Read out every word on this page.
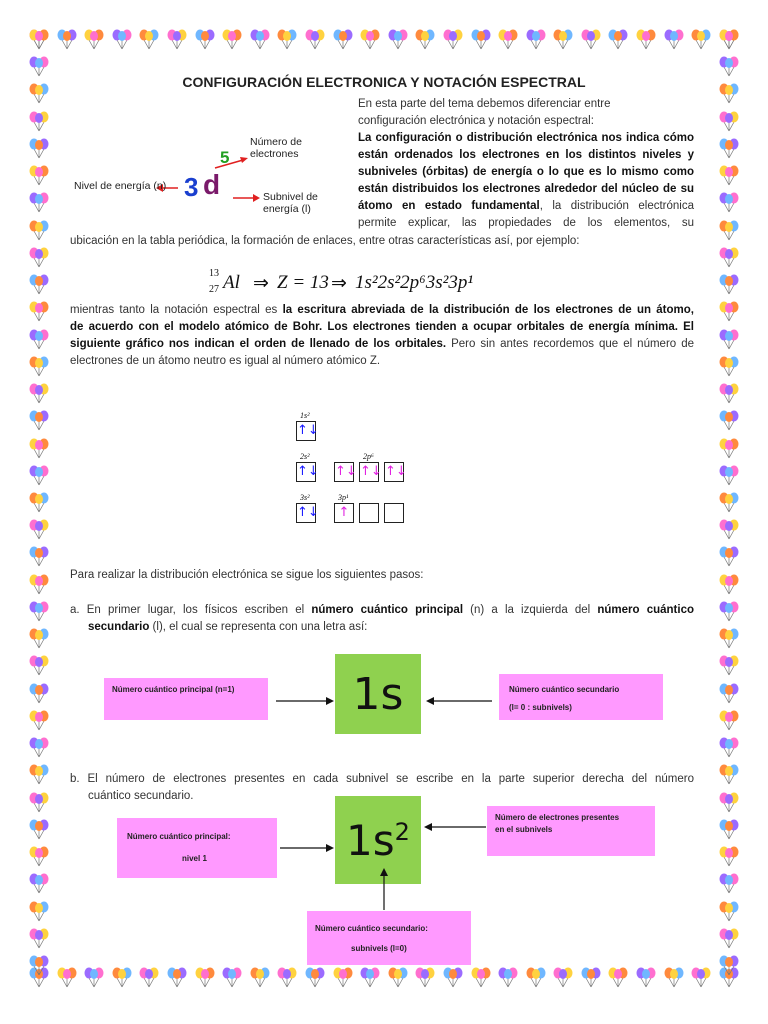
CONFIGURACIÓN ELECTRONICA Y NOTACIÓN ESPECTRAL
3 d
5
Número de electrones
Nivel de energía (n)
Subnivel de energía (l)
En esta parte del tema debemos diferenciar entre
configuración electrónica y notación espectral:
La configuración o distribución electrónica nos indica cómo
están ordenados los electrones en los distintos niveles y
subniveles (órbitas) de energía o lo que es lo mismo como
están distribuidos los electrones alrededor del núcleo de su
átomo en estado fundamental, la distribución electrónica
permite explicar, las propiedades de los elementos, su
ubicación en la tabla periódica, la formación de enlaces, entre otras características así, por ejemplo:
13
27 Al ⇒ Z = 13 ⇒ 1s²2s²2p⁶3s²3p¹
mientras tanto la notación espectral es la escritura abreviada de la distribución de los electrones de un átomo,
de acuerdo con el modelo atómico de Bohr. Los electrones tienden a ocupar orbitales de energía mínima. El
siguiente gráfico nos indican el orden de llenado de los orbitales. Pero sin antes recordemos que el número de
electrones de un átomo neutro es igual al número atómico Z.
1s²
↑↓
2s²
↑↓
2p⁶
↑↓ ↑↓ ↑↓
3s²
↑↓
3p¹
↑
Para realizar la distribución electrónica se sigue los siguientes pasos:
a. En primer lugar, los físicos escriben el número cuántico principal (n) a la izquierda del número cuántico
secundario (l), el cual se representa con una letra así:
Número cuántico principal (n=1)	1s	Número cuántico secundario
(l= 0 : subnivels)
b. El número de electrones presentes en cada subnivel se escribe en la parte superior derecha del número
cuántico secundario.
Número cuántico principal:
nivel 1	$1s^2$	Número de electrones presentes
en el subnivels
Número cuántico secundario:
subnivels (l=0)
